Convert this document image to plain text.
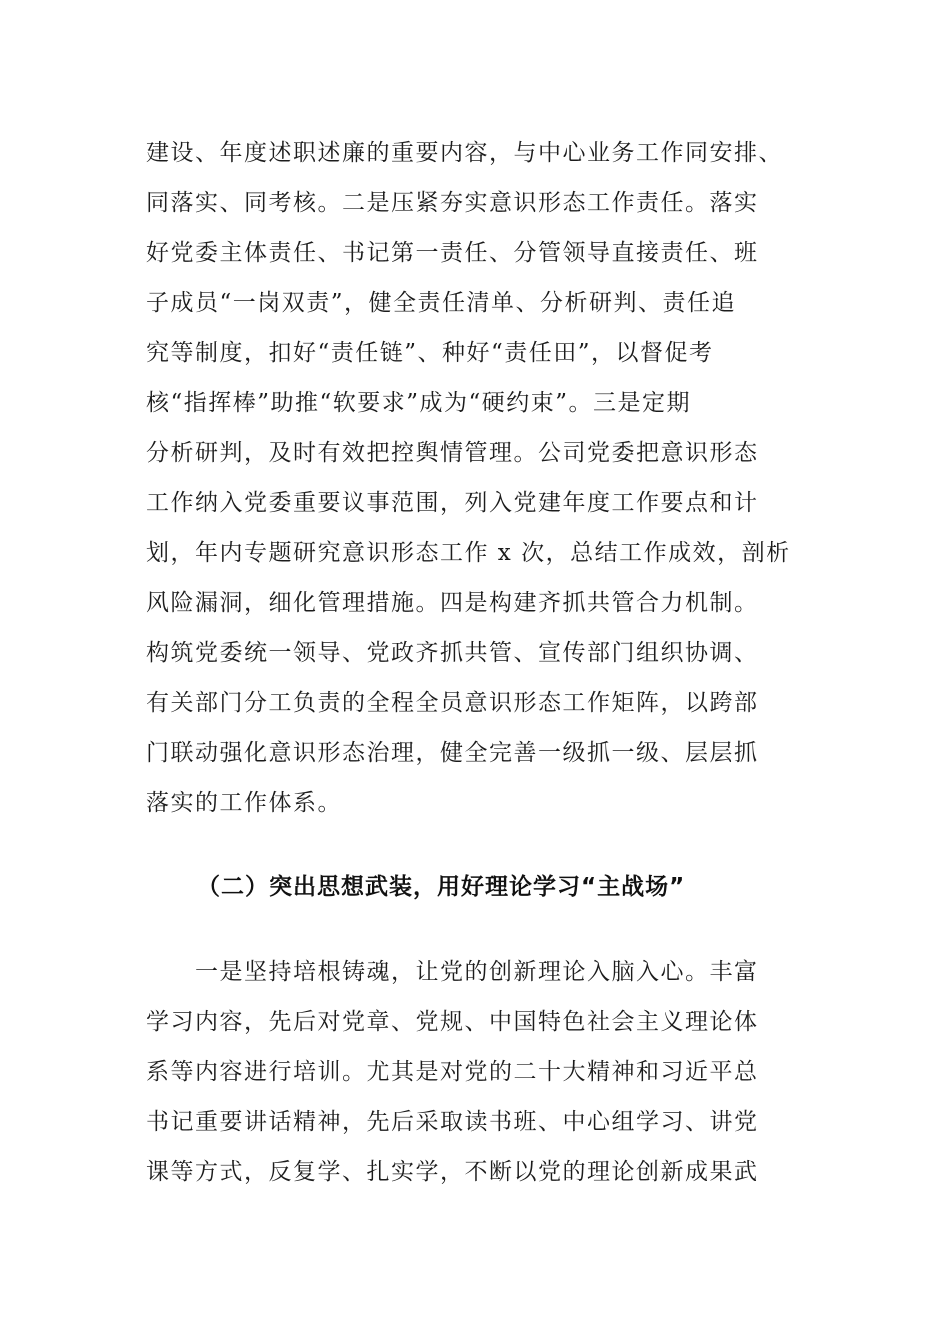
建设、年度述职述廉的重要内容，与中心业务工作同安排、
同落实、同考核。二是压紧夯实意识形态工作责任。落实
好党委主体责任、书记第一责任、分管领导直接责任、班
子成员“一岗双责”，健全责任清单、分析研判、责任追
究等制度，扣好“责任链”、种好“责任田”，以督促考
核“指挥棒”助推“软要求”成为“硬约束”。三是定期
分析研判，及时有效把控舆情管理。公司党委把意识形态
工作纳入党委重要议事范围，列入党建年度工作要点和计
划，年内专题研究意识形态工作 x 次，总结工作成效，剖析
风险漏洞，细化管理措施。四是构建齐抓共管合力机制。
构筑党委统一领导、党政齐抓共管、宣传部门组织协调、
有关部门分工负责的全程全员意识形态工作矩阵，以跨部
门联动强化意识形态治理，健全完善一级抓一级、层层抓
落实的工作体系。
（二）突出思想武装，用好理论学习“主战场”
　　一是坚持培根铸魂，让党的创新理论入脑入心。丰富
学习内容，先后对党章、党规、中国特色社会主义理论体
系等内容进行培训。尤其是对党的二十大精神和习近平总
书记重要讲话精神，先后采取读书班、中心组学习、讲党
课等方式，反复学、扎实学，不断以党的理论创新成果武
